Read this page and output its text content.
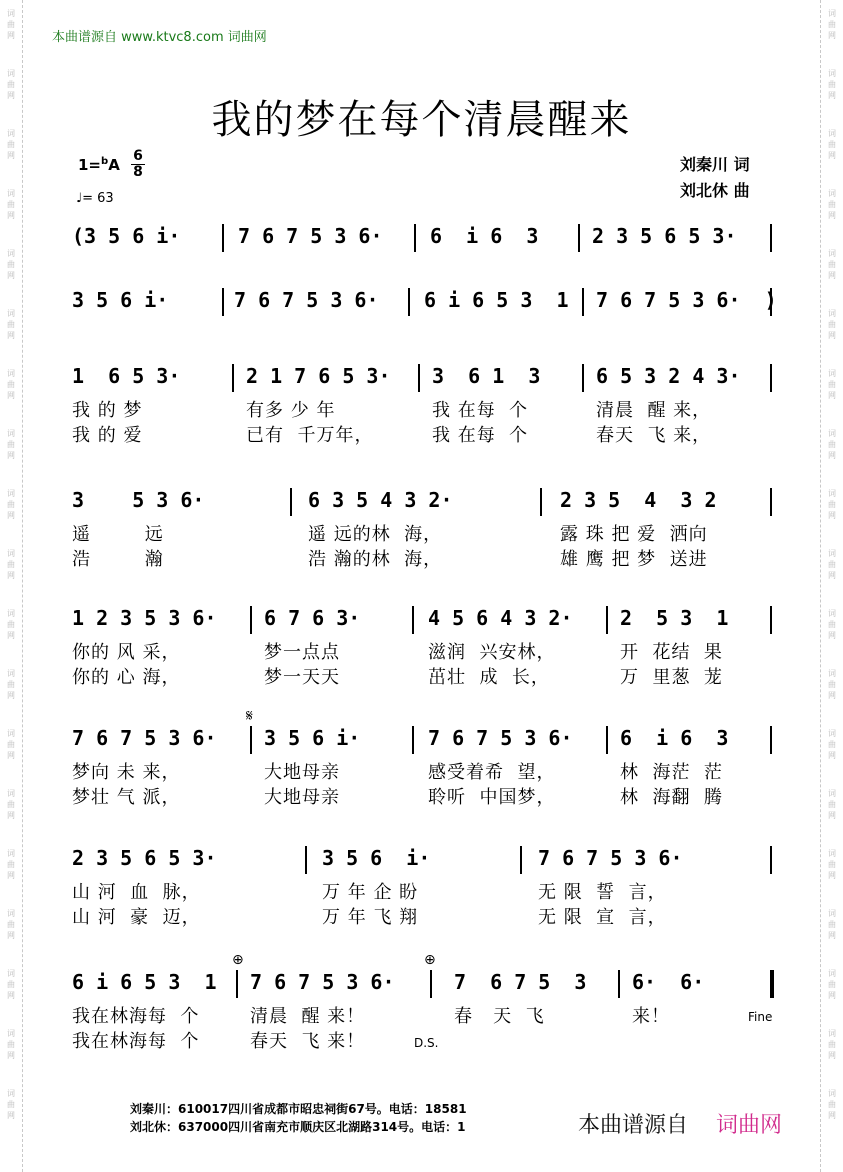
词
曲
网
词
曲
网
词
曲
网
词
曲
网
词
曲
网
词
曲
网
词
曲
网
词
曲
网
词
曲
网
词
曲
网
词
曲
网
词
曲
网
词
曲
网
词
曲
网
词
曲
网
词
曲
网
词
曲
网
词
曲
网
词
曲
网
词
曲
网
词
曲
网
词
曲
网
词
曲
网
词
曲
网
词
曲
网
词
曲
网
词
曲
网
词
曲
网
词
曲
网
词
曲
网
词
曲
网
词
曲
网
词
曲
网
词
曲
网
词
曲
网
词
曲
网
词
曲
网
词
曲
网
本曲谱源自 www.ktvc8.com 词曲网
我的梦在每个清晨醒来
$1=^bA \frac{6}{8}$
♩= 63
刘秦川 词
刘北休 曲
(3 5 6 i·	7 6 7 5 3 6· 6  i 6  3	2 3 5 6 5 3·
3 5 6 i·	7 6 7 5 3 6· 6 i 6 5 3  1 7 6 7 5 3 6·  )
1  6 5 3·	2 1 7 6 5 3· 3  6 1  3	6 5 3 2 4 3·
我 的 梦	有多 少 年	我 在每  个	清晨  醒 来，
我 的 爱	已有  千万年，	我 在每  个	春天  飞 来，
3    5 3 6·	6 3 5 4 3 2·	2 3 5  4  3 2
遥        远	遥 远的林  海，	露 珠 把 爱  洒向
浩        瀚	浩 瀚的林  海，	雄 鹰 把 梦  送进
1 2 3 5 3 6· 6 7 6 3·	4 5 6 4 3 2· 2  5 3  1
你的 风 采，	梦一点点	滋润  兴安林，	开  花结  果
你的 心 海，	梦一天天	茁壮  成  长，	万  里葱  茏
7 6 7 5 3 6· 3 5 6 i·	7 6 7 5 3 6· 6  i 6  3
梦向 未 来，	大地母亲	感受着希  望，	林  海茫  茫
梦壮 气 派，	大地母亲	聆听  中国梦，	林  海翻  腾
2 3 5 6 5 3·	3 5 6  i·	7 6 7 5 3 6·
山 河  血  脉，	万 年 企 盼	无 限  誓  言，
山 河  豪  迈，	万 年 飞 翔	无 限  宣  言，
6 i 6 5 3  1 7 6 7 5 3 6·	7  6 7 5  3 6·  6·
我在林海每  个	清晨  醒 来！	春   天  飞	来！
我在林海每  个	春天  飞 来！
𝄋
⊕	⊕
Fine
D.S.
刘秦川：610017四川省成都市昭忠祠街67号。电话：18581
刘北休：637000四川省南充市顺庆区北湖路314号。电话：1	本曲谱源自 词曲网
